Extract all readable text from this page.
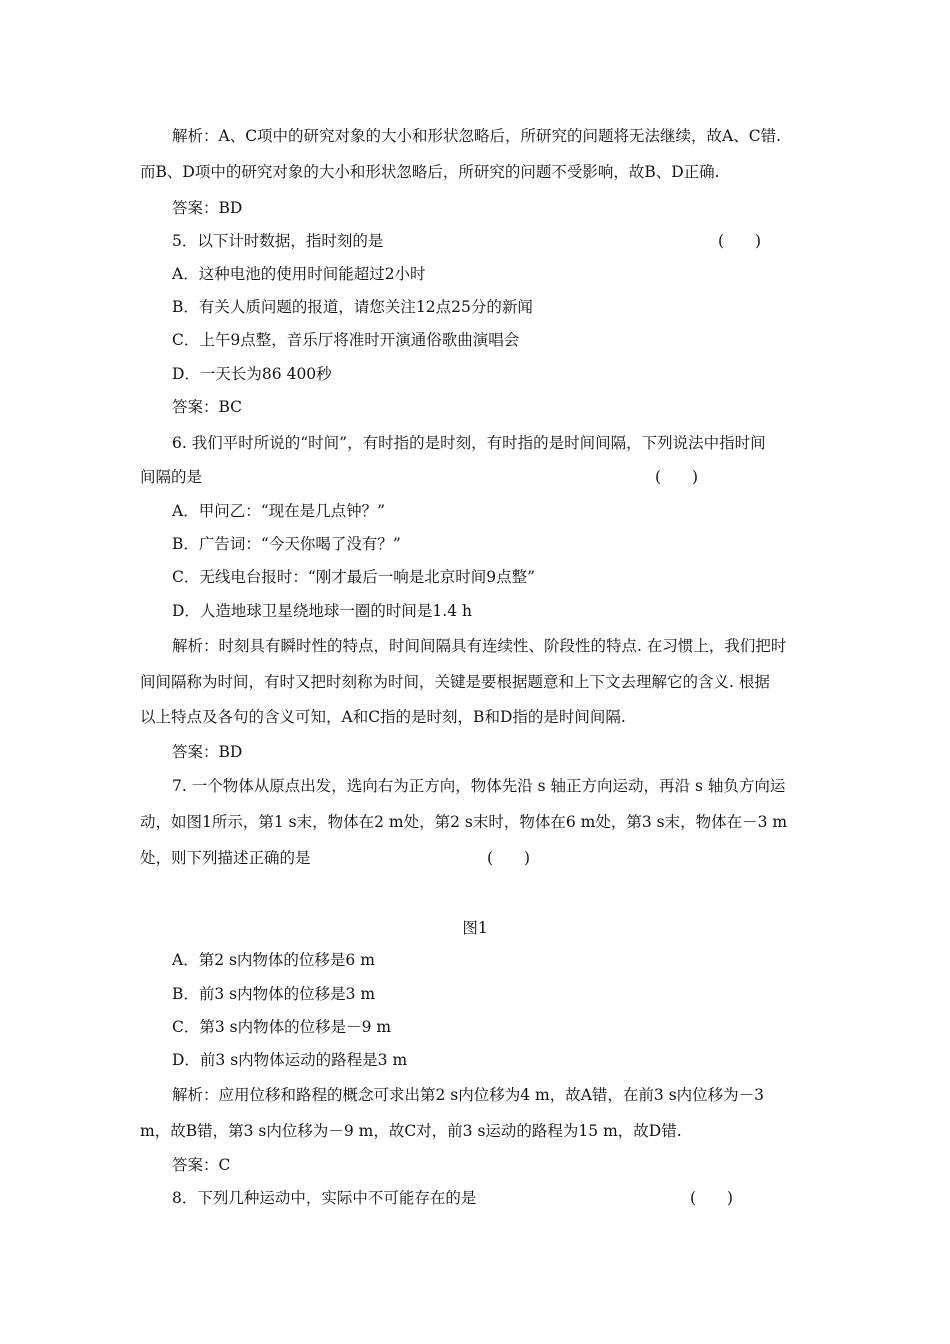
解析：A、C项中的研究对象的大小和形状忽略后，所研究的问题将无法继续，故A、C错.
而B、D项中的研究对象的大小和形状忽略后，所研究的问题不受影响，故B、D正确.
答案：BD
5．以下计时数据，指时刻的是	(　　)
A．这种电池的使用时间能超过2小时
B．有关人质问题的报道，请您关注12点25分的新闻
C．上午9点整，音乐厅将准时开演通俗歌曲演唱会
D．一天长为86 400秒
答案：BC
6. 我们平时所说的“时间”，有时指的是时刻，有时指的是时间间隔，下列说法中指时间
间隔的是	(　　)
A．甲问乙：“现在是几点钟？”
B．广告词：“今天你喝了没有？”
C．无线电台报时：“刚才最后一响是北京时间9点整”
D．人造地球卫星绕地球一圈的时间是1.4 h
解析：时刻具有瞬时性的特点，时间间隔具有连续性、阶段性的特点. 在习惯上，我们把时
间间隔称为时间，有时又把时刻称为时间，关键是要根据题意和上下文去理解它的含义. 根据
以上特点及各句的含义可知，A和C指的是时刻，B和D指的是时间间隔.
答案：BD
7. 一个物体从原点出发，选向右为正方向，物体先沿 s 轴正方向运动，再沿 s 轴负方向运
动，如图1所示，第1 s末，物体在2 m处，第2 s末时，物体在6 m处，第3 s末，物体在－3 m
处，则下列描述正确的是	(　　)
图1
A．第2 s内物体的位移是6 m
B．前3 s内物体的位移是3 m
C．第3 s内物体的位移是－9 m
D．前3 s内物体运动的路程是3 m
解析：应用位移和路程的概念可求出第2 s内位移为4 m，故A错，在前3 s内位移为－3
m，故B错，第3 s内位移为－9 m，故C对，前3 s运动的路程为15 m，故D错.
答案：C
8．下列几种运动中，实际中不可能存在的是	(　　)
